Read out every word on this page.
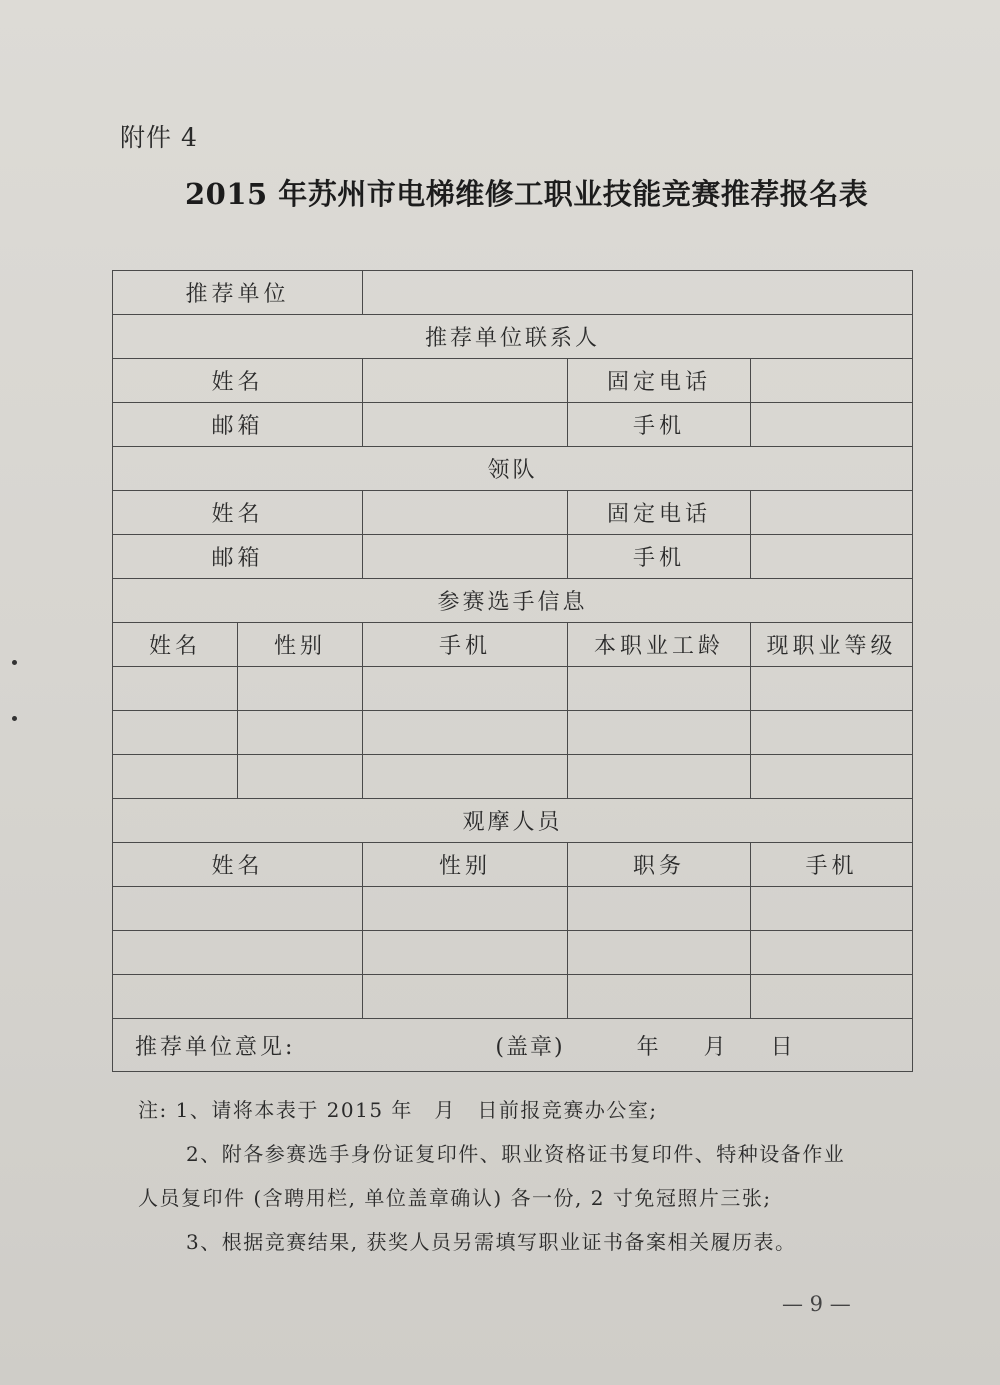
附件 4
2015 年苏州市电梯维修工职业技能竞赛推荐报名表
推荐单位				
推荐单位联系人				
姓名			固定电话	
邮箱			手机	
领队				
姓名			固定电话	
邮箱			手机	
参赛选手信息				
姓名	性别	手机	本职业工龄	现职业等级

观摩人员				
姓名		性别	职务	手机

推荐单位意见: (盖章) 年 月 日				

注: 1、请将本表于 2015 年　月　日前报竞赛办公室;

2、附各参赛选手身份证复印件、职业资格证书复印件、特种设备作业

人员复印件 (含聘用栏, 单位盖章确认) 各一份, 2 寸免冠照片三张;

3、根据竞赛结果, 获奖人员另需填写职业证书备案相关履历表。

— 9 —
